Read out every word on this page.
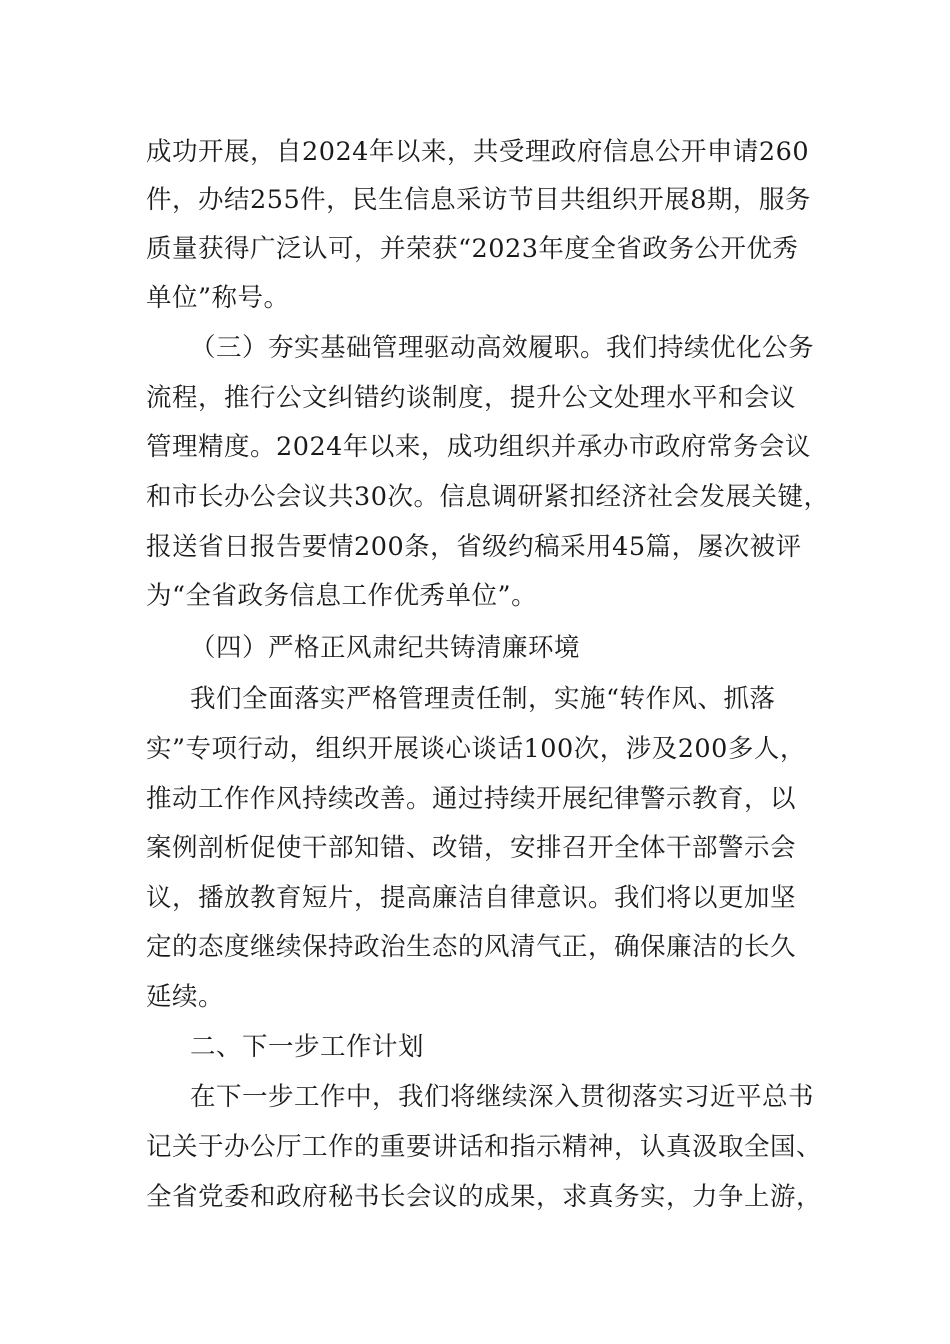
成功开展，自2024年以来，共受理政府信息公开申请260
件，办结255件，民生信息采访节目共组织开展8期，服务
质量获得广泛认可，并荣获“2023年度全省政务公开优秀
单位”称号。
（三）夯实基础管理驱动高效履职。我们持续优化公务
流程，推行公文纠错约谈制度，提升公文处理水平和会议
管理精度。2024年以来，成功组织并承办市政府常务会议
和市长办公会议共30次。信息调研紧扣经济社会发展关键，
报送省日报告要情200条，省级约稿采用45篇，屡次被评
为“全省政务信息工作优秀单位”。
（四）严格正风肃纪共铸清廉环境
我们全面落实严格管理责任制，实施“转作风、抓落
实”专项行动，组织开展谈心谈话100次，涉及200多人，
推动工作作风持续改善。通过持续开展纪律警示教育，以
案例剖析促使干部知错、改错，安排召开全体干部警示会
议，播放教育短片，提高廉洁自律意识。我们将以更加坚
定的态度继续保持政治生态的风清气正，确保廉洁的长久
延续。
二、下一步工作计划
在下一步工作中，我们将继续深入贯彻落实习近平总书
记关于办公厅工作的重要讲话和指示精神，认真汲取全国、
全省党委和政府秘书长会议的成果，求真务实，力争上游，
